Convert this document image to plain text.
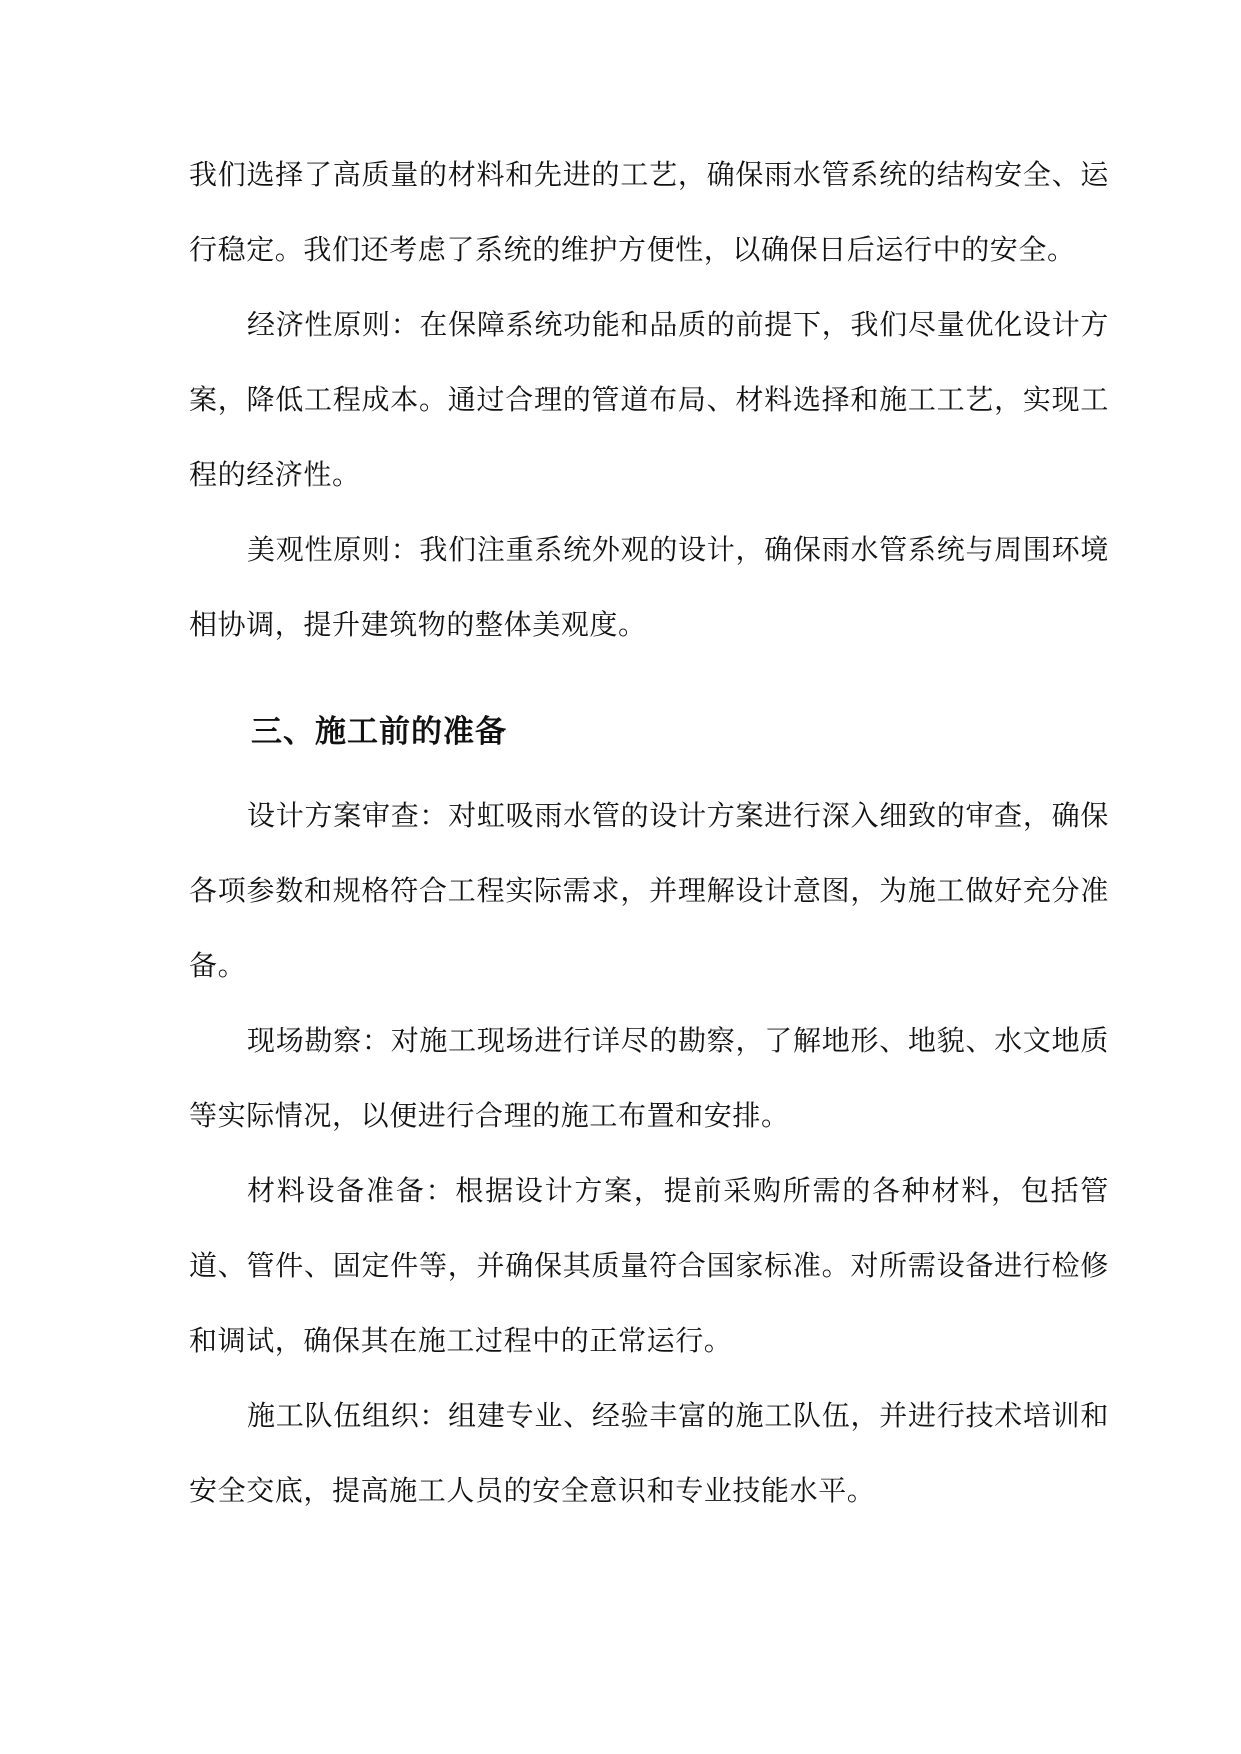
我们选择了高质量的材料和先进的工艺，确保雨水管系统的结构安全、运行稳定。我们还考虑了系统的维护方便性，以确保日后运行中的安全。

经济性原则：在保障系统功能和品质的前提下，我们尽量优化设计方案，降低工程成本。通过合理的管道布局、材料选择和施工工艺，实现工程的经济性。

美观性原则：我们注重系统外观的设计，确保雨水管系统与周围环境相协调，提升建筑物的整体美观度。

三、施工前的准备

设计方案审查：对虹吸雨水管的设计方案进行深入细致的审查，确保各项参数和规格符合工程实际需求，并理解设计意图，为施工做好充分准备。

现场勘察：对施工现场进行详尽的勘察，了解地形、地貌、水文地质等实际情况，以便进行合理的施工布置和安排。

材料设备准备：根据设计方案，提前采购所需的各种材料，包括管道、管件、固定件等，并确保其质量符合国家标准。对所需设备进行检修和调试，确保其在施工过程中的正常运行。

施工队伍组织：组建专业、经验丰富的施工队伍，并进行技术培训和安全交底，提高施工人员的安全意识和专业技能水平。
